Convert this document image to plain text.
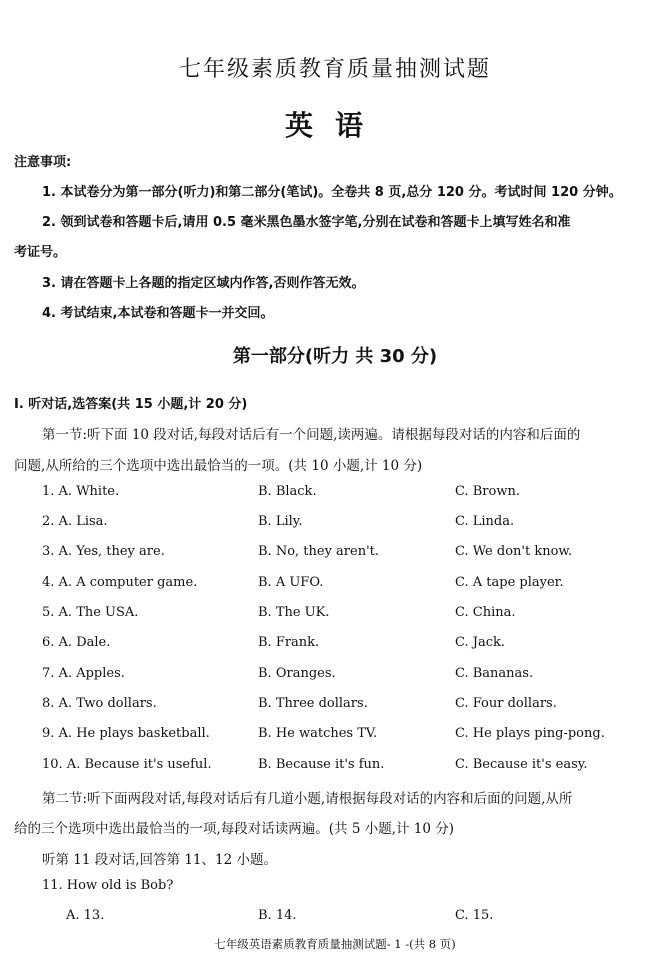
七年级素质教育质量抽测试题
英语
注意事项:
1. 本试卷分为第一部分(听力)和第二部分(笔试)。全卷共 8 页,总分 120 分。考试时间 120 分钟。
2. 领到试卷和答题卡后,请用 0.5 毫米黑色墨水签字笔,分别在试卷和答题卡上填写姓名和准
考证号。
3. 请在答题卡上各题的指定区域内作答,否则作答无效。
4. 考试结束,本试卷和答题卡一并交回。
第一部分(听力 共 30 分)
Ⅰ. 听对话,选答案(共 15 小题,计 20 分)
第一节:听下面 10 段对话,每段对话后有一个问题,读两遍。请根据每段对话的内容和后面的
问题,从所给的三个选项中选出最恰当的一项。(共 10 小题,计 10 分)
1. A. White.	B. Black.	C. Brown.
2. A. Lisa.	B. Lily.	C. Linda.
3. A. Yes, they are.	B. No, they aren't.	C. We don't know.
4. A. A computer game.	B. A UFO.	C. A tape player.
5. A. The USA.	B. The UK.	C. China.
6. A. Dale.	B. Frank.	C. Jack.
7. A. Apples.	B. Oranges.	C. Bananas.
8. A. Two dollars.	B. Three dollars.	C. Four dollars.
9. A. He plays basketball.	B. He watches TV.	C. He plays ping-pong.
10. A. Because it's useful.	B. Because it's fun.	C. Because it's easy.
第二节:听下面两段对话,每段对话后有几道小题,请根据每段对话的内容和后面的问题,从所
给的三个选项中选出最恰当的一项,每段对话读两遍。(共 5 小题,计 10 分)
听第 11 段对话,回答第 11、12 小题。
11. How old is Bob?
A. 13.	B. 14.	C. 15.
七年级英语素质教育质量抽测试题- 1 -(共 8 页)
